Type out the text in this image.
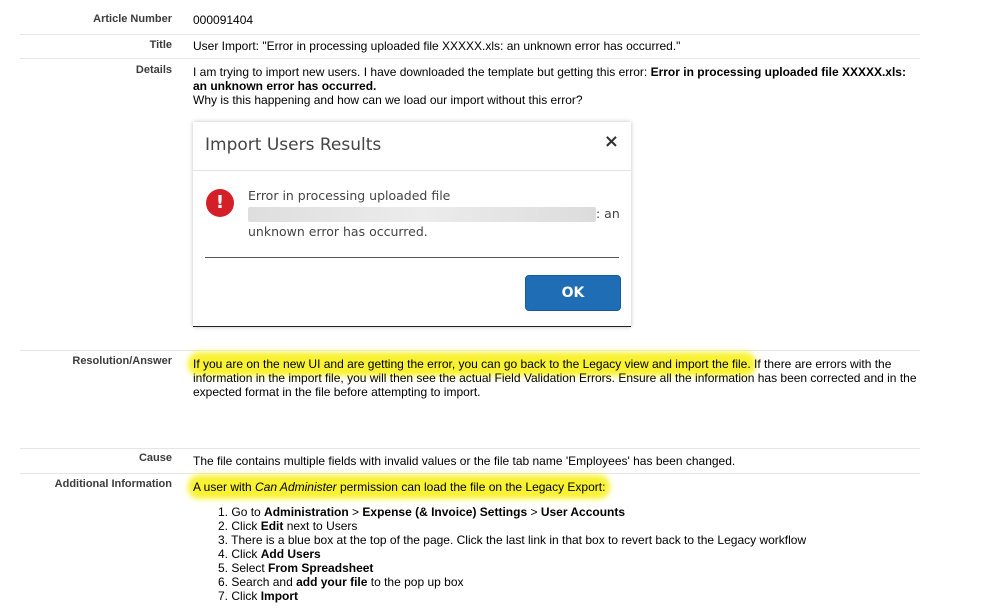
Article Number 000091404
Title User Import: "Error in processing uploaded file XXXXX.xls: an unknown error has occurred."
Details I am trying to import new users. I have downloaded the template but getting this error: Error in processing uploaded file XXXXX.xls:
an unknown error has occurred.
Why is this happening and how can we load our import without this error?
Import Users Results	×
!	Error in processing uploaded file
: an
unknown error has occurred.
OK
Resolution/Answer If you are on the new UI and are getting the error, you can go back to the Legacy view and import the file. If there are errors with the information in the import file, you will then see the actual Field Validation Errors. Ensure all the information has been corrected and in the expected format in the file before attempting to import.
Cause The file contains multiple fields with invalid values or the file tab name 'Employees' has been changed.
Additional Information A user with Can Administer permission can load the file on the Legacy Export:
1. Go to Administration > Expense (& Invoice) Settings > User Accounts
2. Click Edit next to Users
3. There is a blue box at the top of the page. Click the last link in that box to revert back to the Legacy workflow
4. Click Add Users
5. Select From Spreadsheet
6. Search and add your file to the pop up box
7. Click Import
